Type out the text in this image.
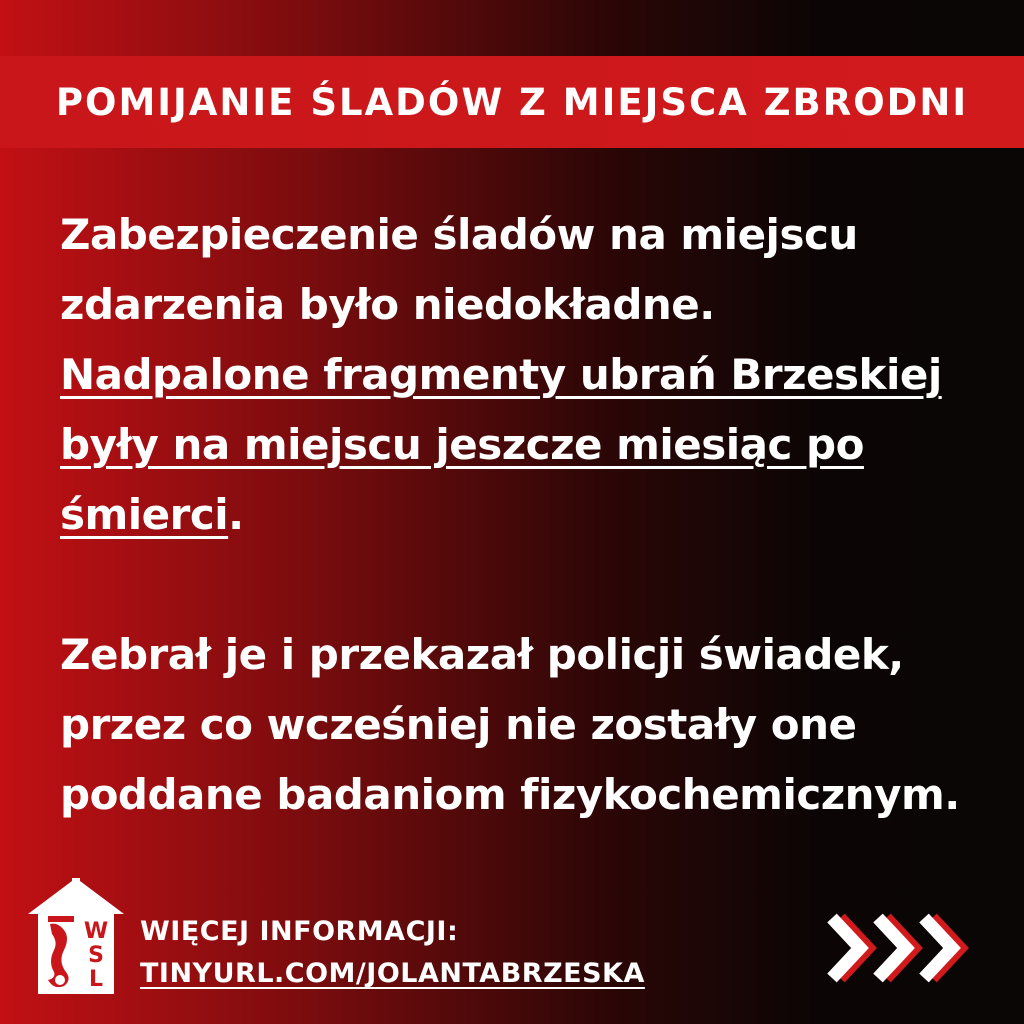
POMIJANIE ŚLADÓW Z MIEJSCA ZBRODNI

Zabezpieczenie śladów na miejscu
zdarzenia było niedokładne.
Nadpalone fragmenty ubrań Brzeskiej
były na miejscu jeszcze miesiąc po
śmierci.

Zebrał je i przekazał policji świadek,
przez co wcześniej nie zostały one
poddane badaniom fizykochemicznym.

W
S
L
WIĘCEJ INFORMACJI:
TINYURL.COM/JOLANTABRZESKA
